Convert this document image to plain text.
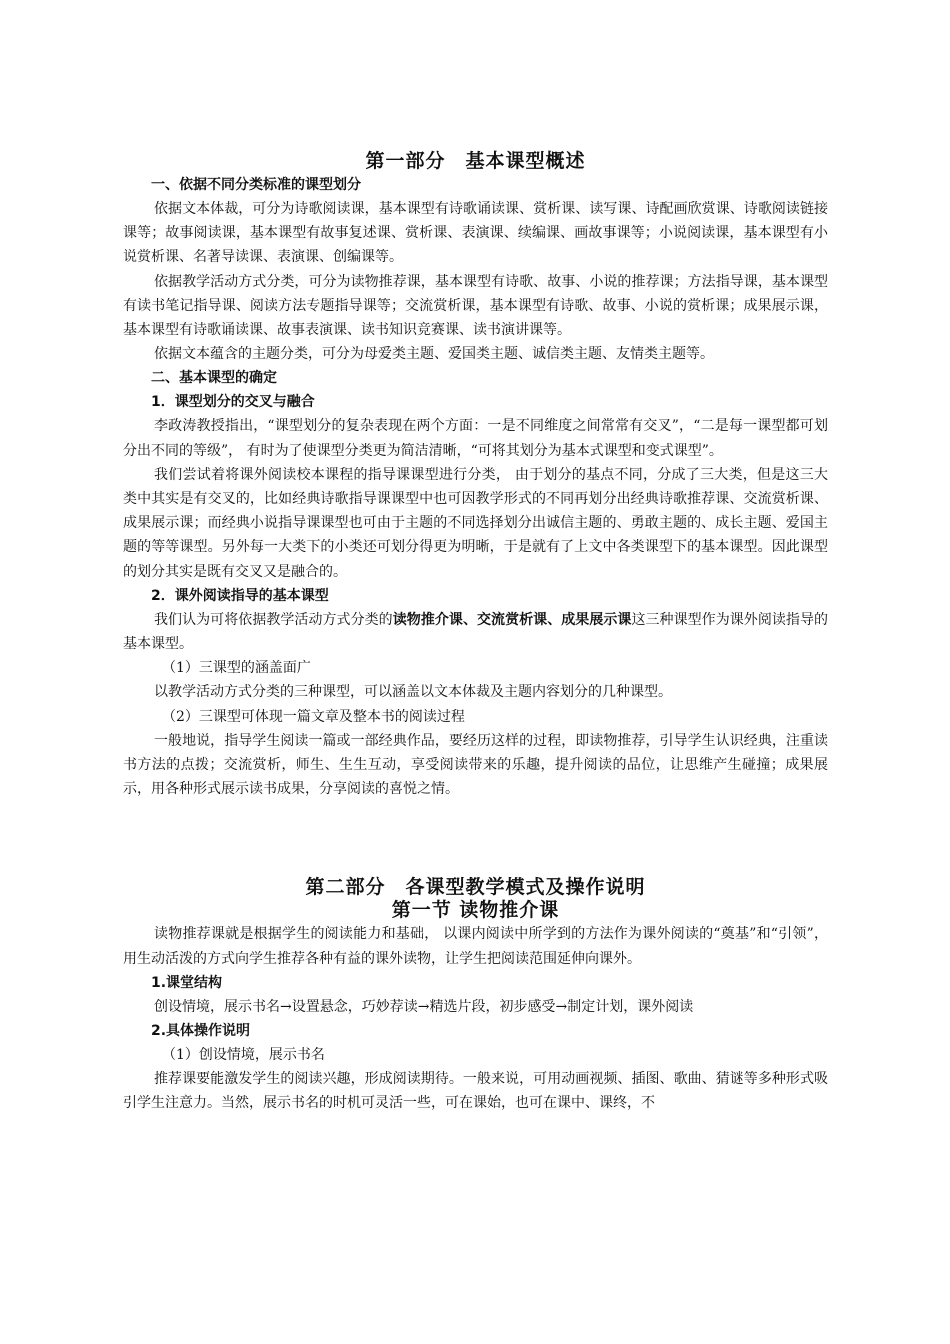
第一部分　基本课型概述
一、依据不同分类标准的课型划分

依据文本体裁，可分为诗歌阅读课，基本课型有诗歌诵读课、赏析课、读写课、诗配画欣赏课、诗歌阅读链接课等；故事阅读课，基本课型有故事复述课、赏析课、表演课、续编课、画故事课等；小说阅读课，基本课型有小说赏析课、名著导读课、表演课、创编课等。

依据教学活动方式分类，可分为读物推荐课，基本课型有诗歌、故事、小说的推荐课；方法指导课，基本课型有读书笔记指导课、阅读方法专题指导课等；交流赏析课，基本课型有诗歌、故事、小说的赏析课；成果展示课，基本课型有诗歌诵读课、故事表演课、读书知识竞赛课、读书演讲课等。

依据文本蕴含的主题分类，可分为母爱类主题、爱国类主题、诚信类主题、友情类主题等。

二、基本课型的确定
1．课型划分的交叉与融合

李政涛教授指出，“课型划分的复杂表现在两个方面：一是不同维度之间常常有交叉”，“二是每一课型都可划分出不同的等级”， 有时为了使课型分类更为简洁清晰，“可将其划分为基本式课型和变式课型”。

我们尝试着将课外阅读校本课程的指导课课型进行分类， 由于划分的基点不同，分成了三大类，但是这三大类中其实是有交叉的，比如经典诗歌指导课课型中也可因教学形式的不同再划分出经典诗歌推荐课、交流赏析课、成果展示课；而经典小说指导课课型也可由于主题的不同选择划分出诚信主题的、勇敢主题的、成长主题、爱国主题的等等课型。另外每一大类下的小类还可划分得更为明晰，于是就有了上文中各类课型下的基本课型。因此课型的划分其实是既有交叉又是融合的。

2．课外阅读指导的基本课型

我们认为可将依据教学活动方式分类的读物推介课、交流赏析课、成果展示课这三种课型作为课外阅读指导的基本课型。

（1）三课型的涵盖面广

以教学活动方式分类的三种课型，可以涵盖以文本体裁及主题内容划分的几种课型。

（2）三课型可体现一篇文章及整本书的阅读过程

一般地说，指导学生阅读一篇或一部经典作品，要经历这样的过程，即读物推荐，引导学生认识经典，注重读书方法的点拨；交流赏析，师生、生生互动，享受阅读带来的乐趣，提升阅读的品位，让思维产生碰撞；成果展示，用各种形式展示读书成果，分享阅读的喜悦之情。

第二部分　各课型教学模式及操作说明
第一节 读物推介课

读物推荐课就是根据学生的阅读能力和基础， 以课内阅读中所学到的方法作为课外阅读的“奠基”和“引领”，用生动活泼的方式向学生推荐各种有益的课外读物，让学生把阅读范围延伸向课外。

1.课堂结构

创设情境，展示书名→设置悬念，巧妙荐读→精选片段，初步感受→制定计划，课外阅读

2.具体操作说明

（1）创设情境，展示书名

推荐课要能激发学生的阅读兴趣，形成阅读期待。一般来说，可用动画视频、插图、歌曲、猜谜等多种形式吸引学生注意力。当然，展示书名的时机可灵活一些，可在课始，也可在课中、课终，不
